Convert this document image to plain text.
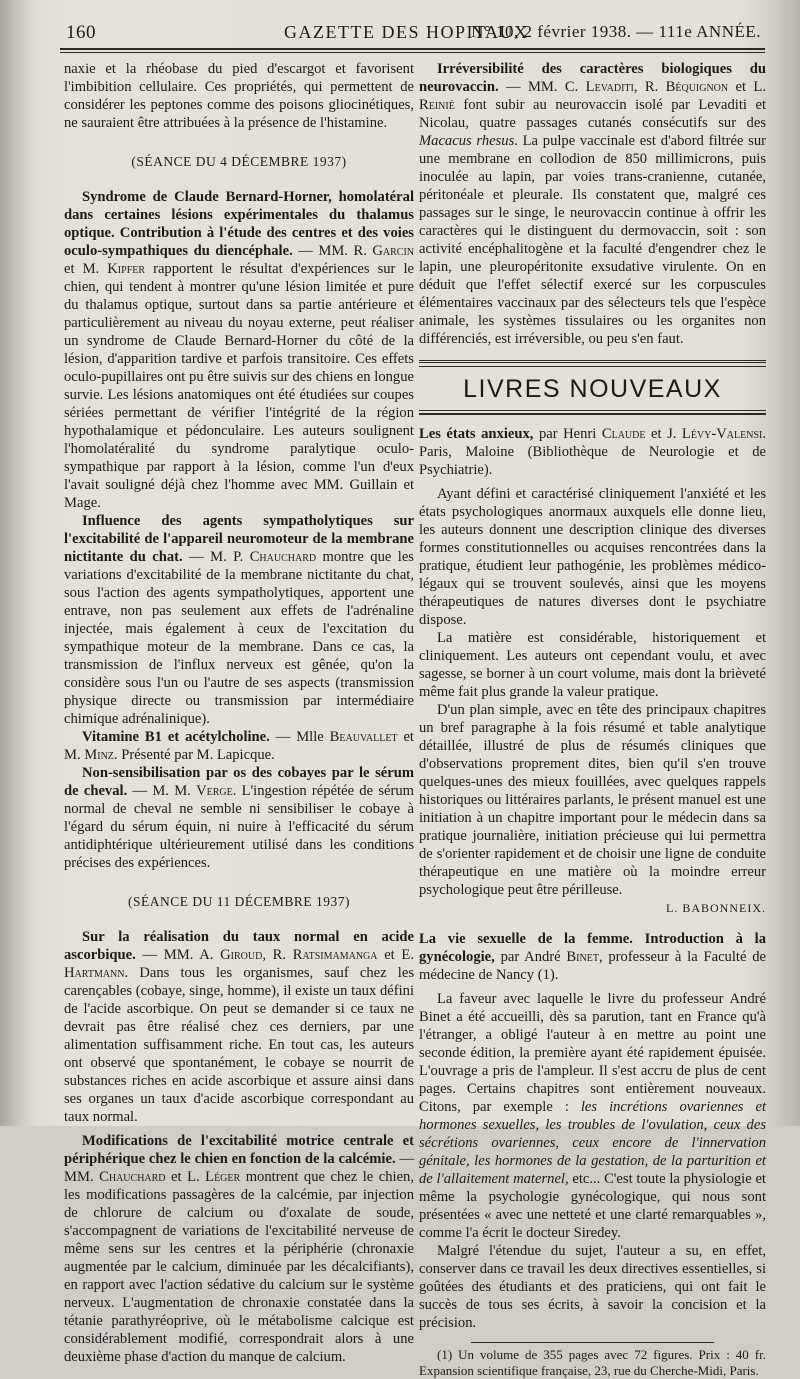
160	GAZETTE DES HOPITAUX
N° 10, 2 février 1938. — 111e ANNÉE.

naxie et la rhéobase du pied d'escargot et favorisent l'imbibition cellulaire. Ces propriétés, qui permettent de considérer les peptones comme des poisons gliocinétiques, ne sauraient être attribuées à la présence de l'histamine.

(SÉANCE DU 4 DÉCEMBRE 1937)

Syndrome de Claude Bernard-Horner, homolatéral dans certaines lésions expérimentales du thalamus optique. Contribution à l'étude des centres et des voies oculo-sympathiques du diencéphale. — MM. R. Garcin et M. Kipfer rapportent le résultat d'expériences sur le chien, qui tendent à montrer qu'une lésion limitée et pure du thalamus optique, surtout dans sa partie antérieure et particulièrement au niveau du noyau externe, peut réaliser un syndrome de Claude Bernard-Horner du côté de la lésion, d'apparition tardive et parfois transitoire. Ces effets oculo-pupillaires ont pu être suivis sur des chiens en longue survie. Les lésions anatomiques ont été étudiées sur coupes sériées permettant de vérifier l'intégrité de la région hypothalamique et pédonculaire. Les auteurs soulignent l'homolatéralité du syndrome paralytique oculo-sympathique par rapport à la lésion, comme l'un d'eux l'avait souligné déjà chez l'homme avec MM. Guillain et Mage.

Influence des agents sympatholytiques sur l'excitabilité de l'appareil neuromoteur de la membrane nictitante du chat. — M. P. Chauchard montre que les variations d'excitabilité de la membrane nictitante du chat, sous l'action des agents sympatholytiques, apportent une entrave, non pas seulement aux effets de l'adrénaline injectée, mais également à ceux de l'excitation du sympathique moteur de la membrane. Dans ce cas, la transmission de l'influx nerveux est gênée, qu'on la considère sous l'un ou l'autre de ses aspects (transmission physique directe ou transmission par intermédiaire chimique adrénalinique).

Vitamine B1 et acétylcholine. — Mlle Beauvallet et M. Minz. Présenté par M. Lapicque.

Non-sensibilisation par os des cobayes par le sérum de cheval. — M. M. Verge. L'ingestion répétée de sérum normal de cheval ne semble ni sensibiliser le cobaye à l'égard du sérum équin, ni nuire à l'efficacité du sérum antidiphtérique ultérieurement utilisé dans les conditions précises des expériences.

(SÉANCE DU 11 DÉCEMBRE 1937)

Sur la réalisation du taux normal en acide ascorbique. — MM. A. Giroud, R. Ratsimamanga et E. Hartmann. Dans tous les organismes, sauf chez les carençables (cobaye, singe, homme), il existe un taux défini de l'acide ascorbique. On peut se demander si ce taux ne devrait pas être réalisé chez ces derniers, par une alimentation suffisamment riche. En tout cas, les auteurs ont observé que spontanément, le cobaye se nourrit de substances riches en acide ascorbique et assure ainsi dans ses organes un taux d'acide ascorbique correspondant au taux normal.

Modifications de l'excitabilité motrice centrale et périphérique chez le chien en fonction de la calcémie. — MM. Chauchard et L. Léger montrent que chez le chien, les modifications passagères de la calcémie, par injection de chlorure de calcium ou d'oxalate de soude, s'accompagnent de variations de l'excitabilité nerveuse de même sens sur les centres et la périphérie (chronaxie augmentée par le calcium, diminuée par les décalcifiants), en rapport avec l'action sédative du calcium sur le système nerveux. L'augmentation de chronaxie constatée dans la tétanie parathyréoprive, où le métabolisme calcique est considérablement modifié, correspondrait alors à une deuxième phase d'action du manque de calcium.

Irréversibilité des caractères biologiques du neurovaccin. — MM. C. Levaditi, R. Béquignon et L. Reinié font subir au neurovaccin isolé par Levaditi et Nicolau, quatre passages cutanés consécutifs sur des Macacus rhesus. La pulpe vaccinale est d'abord filtrée sur une membrane en collodion de 850 millimicrons, puis inoculée au lapin, par voies trans-cranienne, cutanée, péritonéale et pleurale. Ils constatent que, malgré ces passages sur le singe, le neurovaccin continue à offrir les caractères qui le distinguent du dermovaccin, soit : son activité encéphalitogène et la faculté d'engendrer chez le lapin, une pleuropéritonite exsudative virulente. On en déduit que l'effet sélectif exercé sur les corpuscules élémentaires vaccinaux par des sélecteurs tels que l'espèce animale, les systèmes tissulaires ou les organites non différenciés, est irréversible, ou peu s'en faut.

LIVRES NOUVEAUX

Les états anxieux, par Henri Claude et J. Lévy-Valensi. Paris, Maloine (Bibliothèque de Neurologie et de Psychiatrie).

Ayant défini et caractérisé cliniquement l'anxiété et les états psychologiques anormaux auxquels elle donne lieu, les auteurs donnent une description clinique des diverses formes constitutionnelles ou acquises rencontrées dans la pratique, étudient leur pathogénie, les problèmes médico-légaux qui se trouvent soulevés, ainsi que les moyens thérapeutiques de natures diverses dont le psychiatre dispose.

La matière est considérable, historiquement et cliniquement. Les auteurs ont cependant voulu, et avec sagesse, se borner à un court volume, mais dont la brièveté même fait plus grande la valeur pratique.

D'un plan simple, avec en tête des principaux chapitres un bref paragraphe à la fois résumé et table analytique détaillée, illustré de plus de résumés cliniques que d'observations proprement dites, bien qu'il s'en trouve quelques-unes des mieux fouillées, avec quelques rappels historiques ou littéraires parlants, le présent manuel est une initiation à un chapitre important pour le médecin dans sa pratique journalière, initiation précieuse qui lui permettra de s'orienter rapidement et de choisir une ligne de conduite thérapeutique en une matière où la moindre erreur psychologique peut être périlleuse.

L. BABONNEIX.

La vie sexuelle de la femme. Introduction à la gynécologie, par André Binet, professeur à la Faculté de médecine de Nancy (1).

La faveur avec laquelle le livre du professeur André Binet a été accueilli, dès sa parution, tant en France qu'à l'étranger, a obligé l'auteur à en mettre au point une seconde édition, la première ayant été rapidement épuisée. L'ouvrage a pris de l'ampleur. Il s'est accru de plus de cent pages. Certains chapitres sont entièrement nouveaux. Citons, par exemple : les incrétions ovariennes et hormones sexuelles, les troubles de l'ovulation, ceux des sécrétions ovariennes, ceux encore de l'innervation génitale, les hormones de la gestation, de la parturition et de l'allaitement maternel, etc... C'est toute la physiologie et même la psychologie gynécologique, qui nous sont présentées « avec une netteté et une clarté remarquables », comme l'a écrit le docteur Siredey.

Malgré l'étendue du sujet, l'auteur a su, en effet, conserver dans ce travail les deux directives essentielles, si goûtées des étudiants et des praticiens, qui ont fait le succès de tous ses écrits, à savoir la concision et la précision.

(1) Un volume de 355 pages avec 72 figures. Prix : 40 fr. Expansion scientifique française, 23, rue du Cherche-Midi, Paris.
